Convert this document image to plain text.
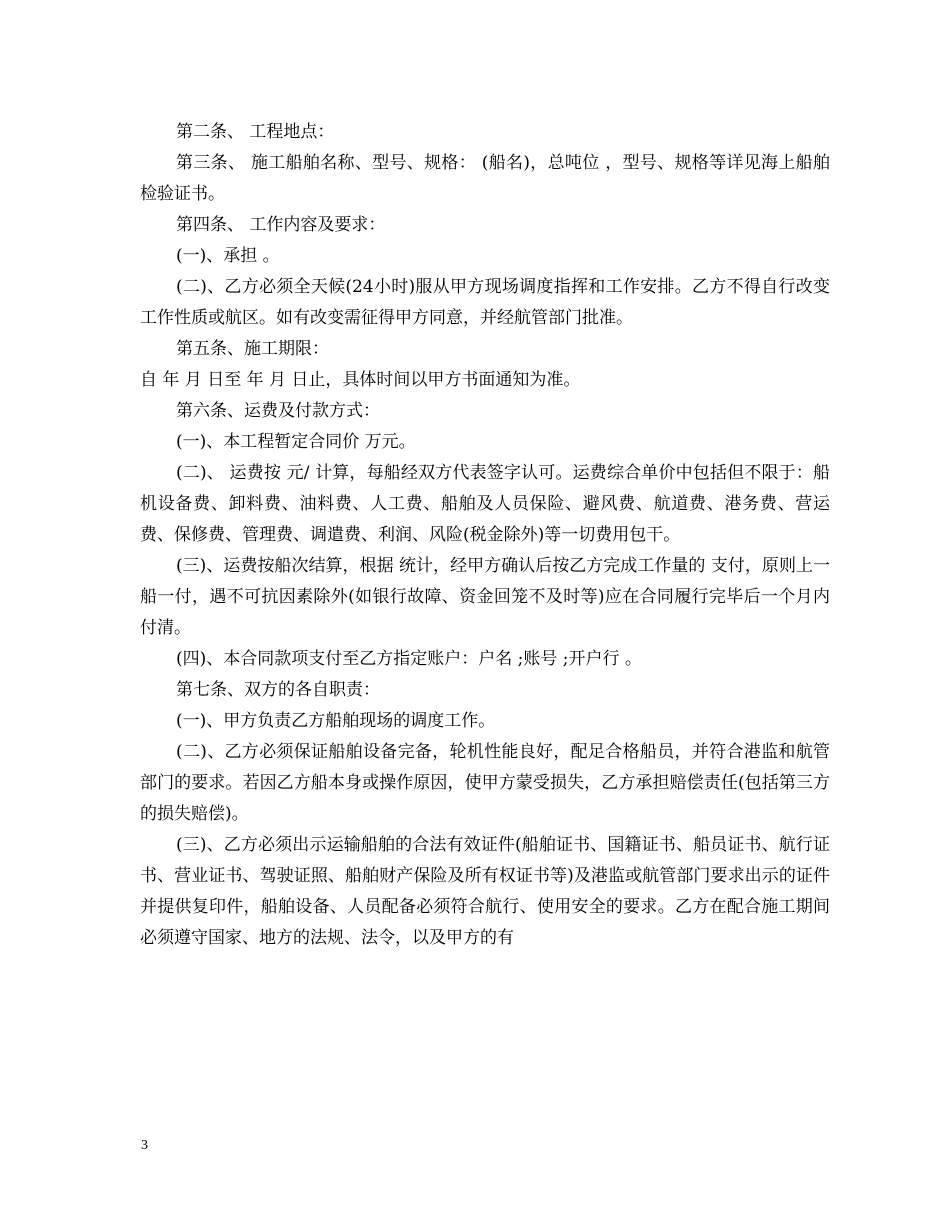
第二条、 工程地点：

第三条、 施工船舶名称、型号、规格： (船名)，总吨位 ，型号、规格等详见海上船舶检验证书。

第四条、 工作内容及要求：

(一)、承担 。

(二)、乙方必须全天候(24小时)服从甲方现场调度指挥和工作安排。乙方不得自行改变工作性质或航区。如有改变需征得甲方同意，并经航管部门批准。

第五条、施工期限：

自 年 月 日至 年 月 日止，具体时间以甲方书面通知为准。

第六条、运费及付款方式：

(一)、本工程暂定合同价 万元。

(二)、 运费按 元/ 计算，每船经双方代表签字认可。运费综合单价中包括但不限于：船机设备费、卸料费、油料费、人工费、船舶及人员保险、避风费、航道费、港务费、营运费、保修费、管理费、调遣费、利润、风险(税金除外)等一切费用包干。

(三)、运费按船次结算，根据 统计，经甲方确认后按乙方完成工作量的 支付，原则上一船一付，遇不可抗因素除外(如银行故障、资金回笼不及时等)应在合同履行完毕后一个月内付清。

(四)、本合同款项支付至乙方指定账户：户名 ;账号 ;开户行 。

第七条、双方的各自职责：

(一)、甲方负责乙方船舶现场的调度工作。

(二)、乙方必须保证船舶设备完备，轮机性能良好，配足合格船员，并符合港监和航管部门的要求。若因乙方船本身或操作原因，使甲方蒙受损失，乙方承担赔偿责任(包括第三方的损失赔偿)。

(三)、乙方必须出示运输船舶的合法有效证件(船舶证书、国籍证书、船员证书、航行证书、营业证书、驾驶证照、船舶财产保险及所有权证书等)及港监或航管部门要求出示的证件并提供复印件，船舶设备、人员配备必须符合航行、使用安全的要求。乙方在配合施工期间必须遵守国家、地方的法规、法令，以及甲方的有

3
